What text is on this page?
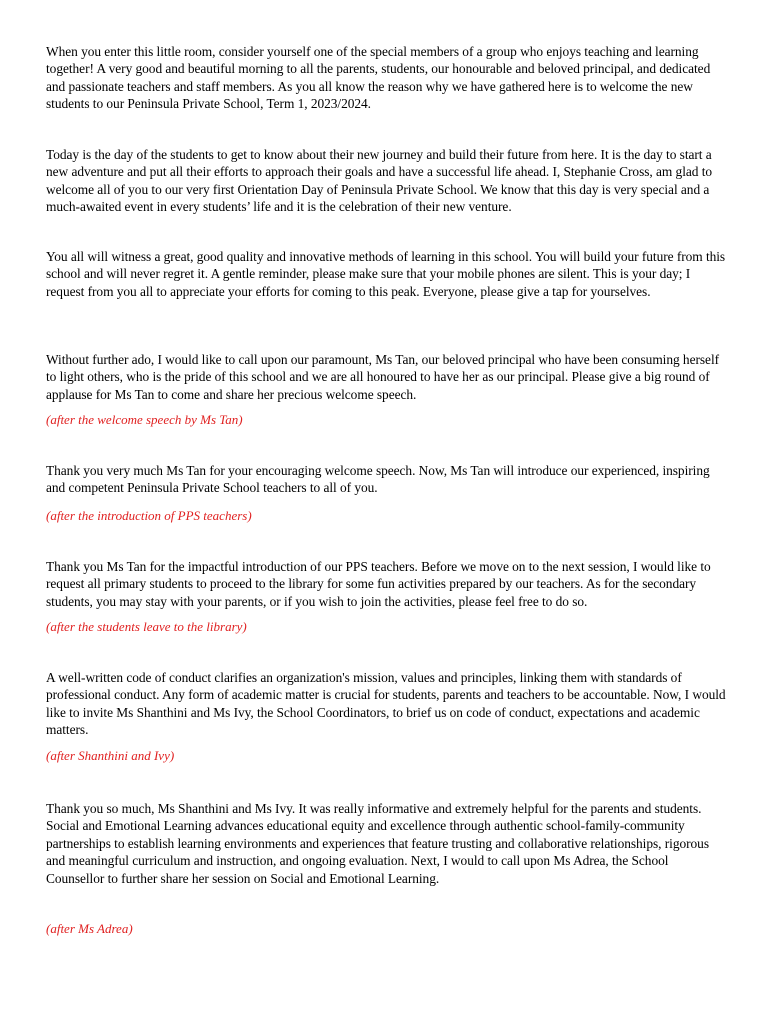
When you enter this little room, consider yourself one of the special members of a group who enjoys teaching and learning together! A very good and beautiful morning to all the parents, students, our honourable and beloved principal, and dedicated and passionate teachers and staff members. As you all know the reason why we have gathered here is to welcome the new students to our Peninsula Private School, Term 1, 2023/2024.

Today is the day of the students to get to know about their new journey and build their future from here. It is the day to start a new adventure and put all their efforts to approach their goals and have a successful life ahead. I, Stephanie Cross, am glad to welcome all of you to our very first Orientation Day of Peninsula Private School. We know that this day is very special and a much-awaited event in every students’ life and it is the celebration of their new venture.

You all will witness a great, good quality and innovative methods of learning in this school. You will build your future from this school and will never regret it. A gentle reminder, please make sure that your mobile phones are silent. This is your day; I request from you all to appreciate your efforts for coming to this peak. Everyone, please give a tap for yourselves.

Without further ado, I would like to call upon our paramount, Ms Tan, our beloved principal who have been consuming herself to light others, who is the pride of this school and we are all honoured to have her as our principal. Please give a big round of applause for Ms Tan to come and share her precious welcome speech.

(after the welcome speech by Ms Tan)

Thank you very much Ms Tan for your encouraging welcome speech. Now, Ms Tan will introduce our experienced, inspiring and competent Peninsula Private School teachers to all of you.

(after the introduction of PPS teachers)

Thank you Ms Tan for the impactful introduction of our PPS teachers. Before we move on to the next session, I would like to request all primary students to proceed to the library for some fun activities prepared by our teachers. As for the secondary students, you may stay with your parents, or if you wish to join the activities, please feel free to do so.

(after the students leave to the library)

A well-written code of conduct clarifies an organization's mission, values and principles, linking them with standards of professional conduct. Any form of academic matter is crucial for students, parents and teachers to be accountable. Now, I would like to invite Ms Shanthini and Ms Ivy, the School Coordinators, to brief us on code of conduct, expectations and academic matters.

(after Shanthini and Ivy)

Thank you so much, Ms Shanthini and Ms Ivy. It was really informative and extremely helpful for the parents and students. Social and Emotional Learning advances educational equity and excellence through authentic school-family-community partnerships to establish learning environments and experiences that feature trusting and collaborative relationships, rigorous and meaningful curriculum and instruction, and ongoing evaluation. Next, I would to call upon Ms Adrea, the School Counsellor to further share her session on Social and Emotional Learning.

(after Ms Adrea)
